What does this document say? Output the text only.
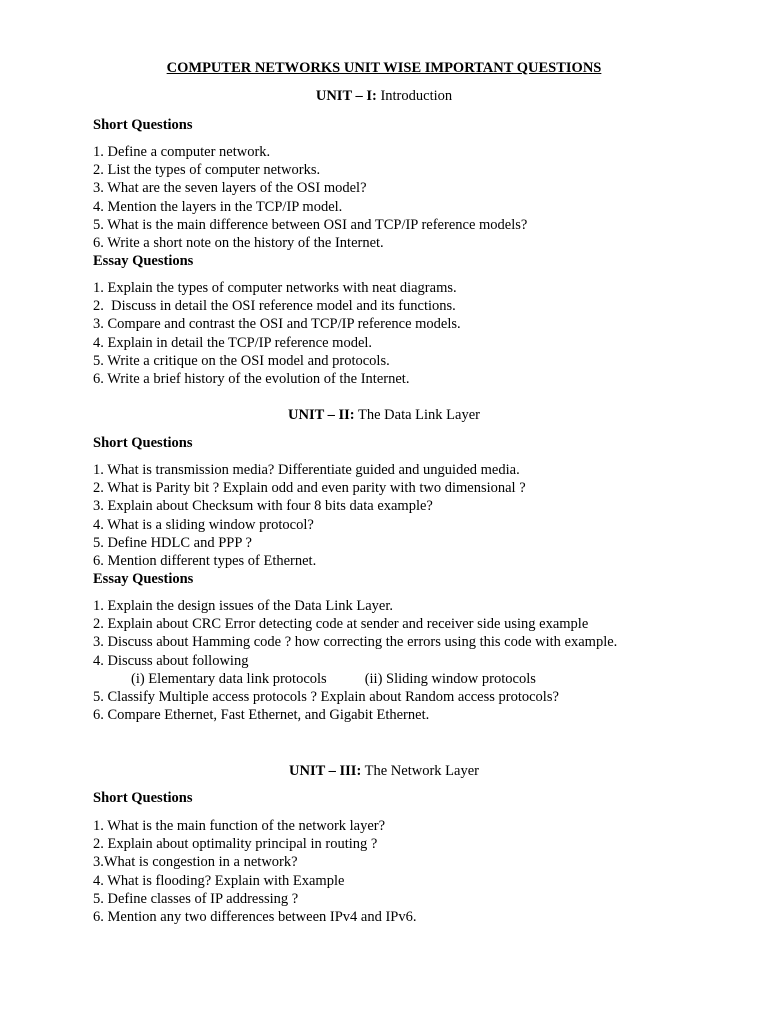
COMPUTER NETWORKS UNIT WISE IMPORTANT QUESTIONS
UNIT – I: Introduction
Short Questions
1. Define a computer network.
2. List the types of computer networks.
3. What are the seven layers of the OSI model?
4. Mention the layers in the TCP/IP model.
5. What is the main difference between OSI and TCP/IP reference models?
6. Write a short note on the history of the Internet.
Essay Questions
1. Explain the types of computer networks with neat diagrams.
2.  Discuss in detail the OSI reference model and its functions.
3. Compare and contrast the OSI and TCP/IP reference models.
4. Explain in detail the TCP/IP reference model.
5. Write a critique on the OSI model and protocols.
6. Write a brief history of the evolution of the Internet.
UNIT – II: The Data Link Layer
Short Questions
1. What is transmission media? Differentiate guided and unguided media.
2. What is Parity bit ? Explain odd and even parity with two dimensional ?
3. Explain about Checksum with four 8 bits data example?
4. What is a sliding window protocol?
5. Define HDLC and PPP ?
6. Mention different types of Ethernet.
Essay Questions
1. Explain the design issues of the Data Link Layer.
2. Explain about CRC Error detecting code at sender and receiver side using example
3. Discuss about Hamming code ? how correcting the errors using this code with example.
4. Discuss about following
(i) Elementary data link protocols	(ii) Sliding window protocols
5. Classify Multiple access protocols ? Explain about Random access protocols?
6. Compare Ethernet, Fast Ethernet, and Gigabit Ethernet.
UNIT – III: The Network Layer
Short Questions
1. What is the main function of the network layer?
2. Explain about optimality principal in routing ?
3.What is congestion in a network?
4. What is flooding? Explain with Example
5. Define classes of IP addressing ?
6. Mention any two differences between IPv4 and IPv6.
